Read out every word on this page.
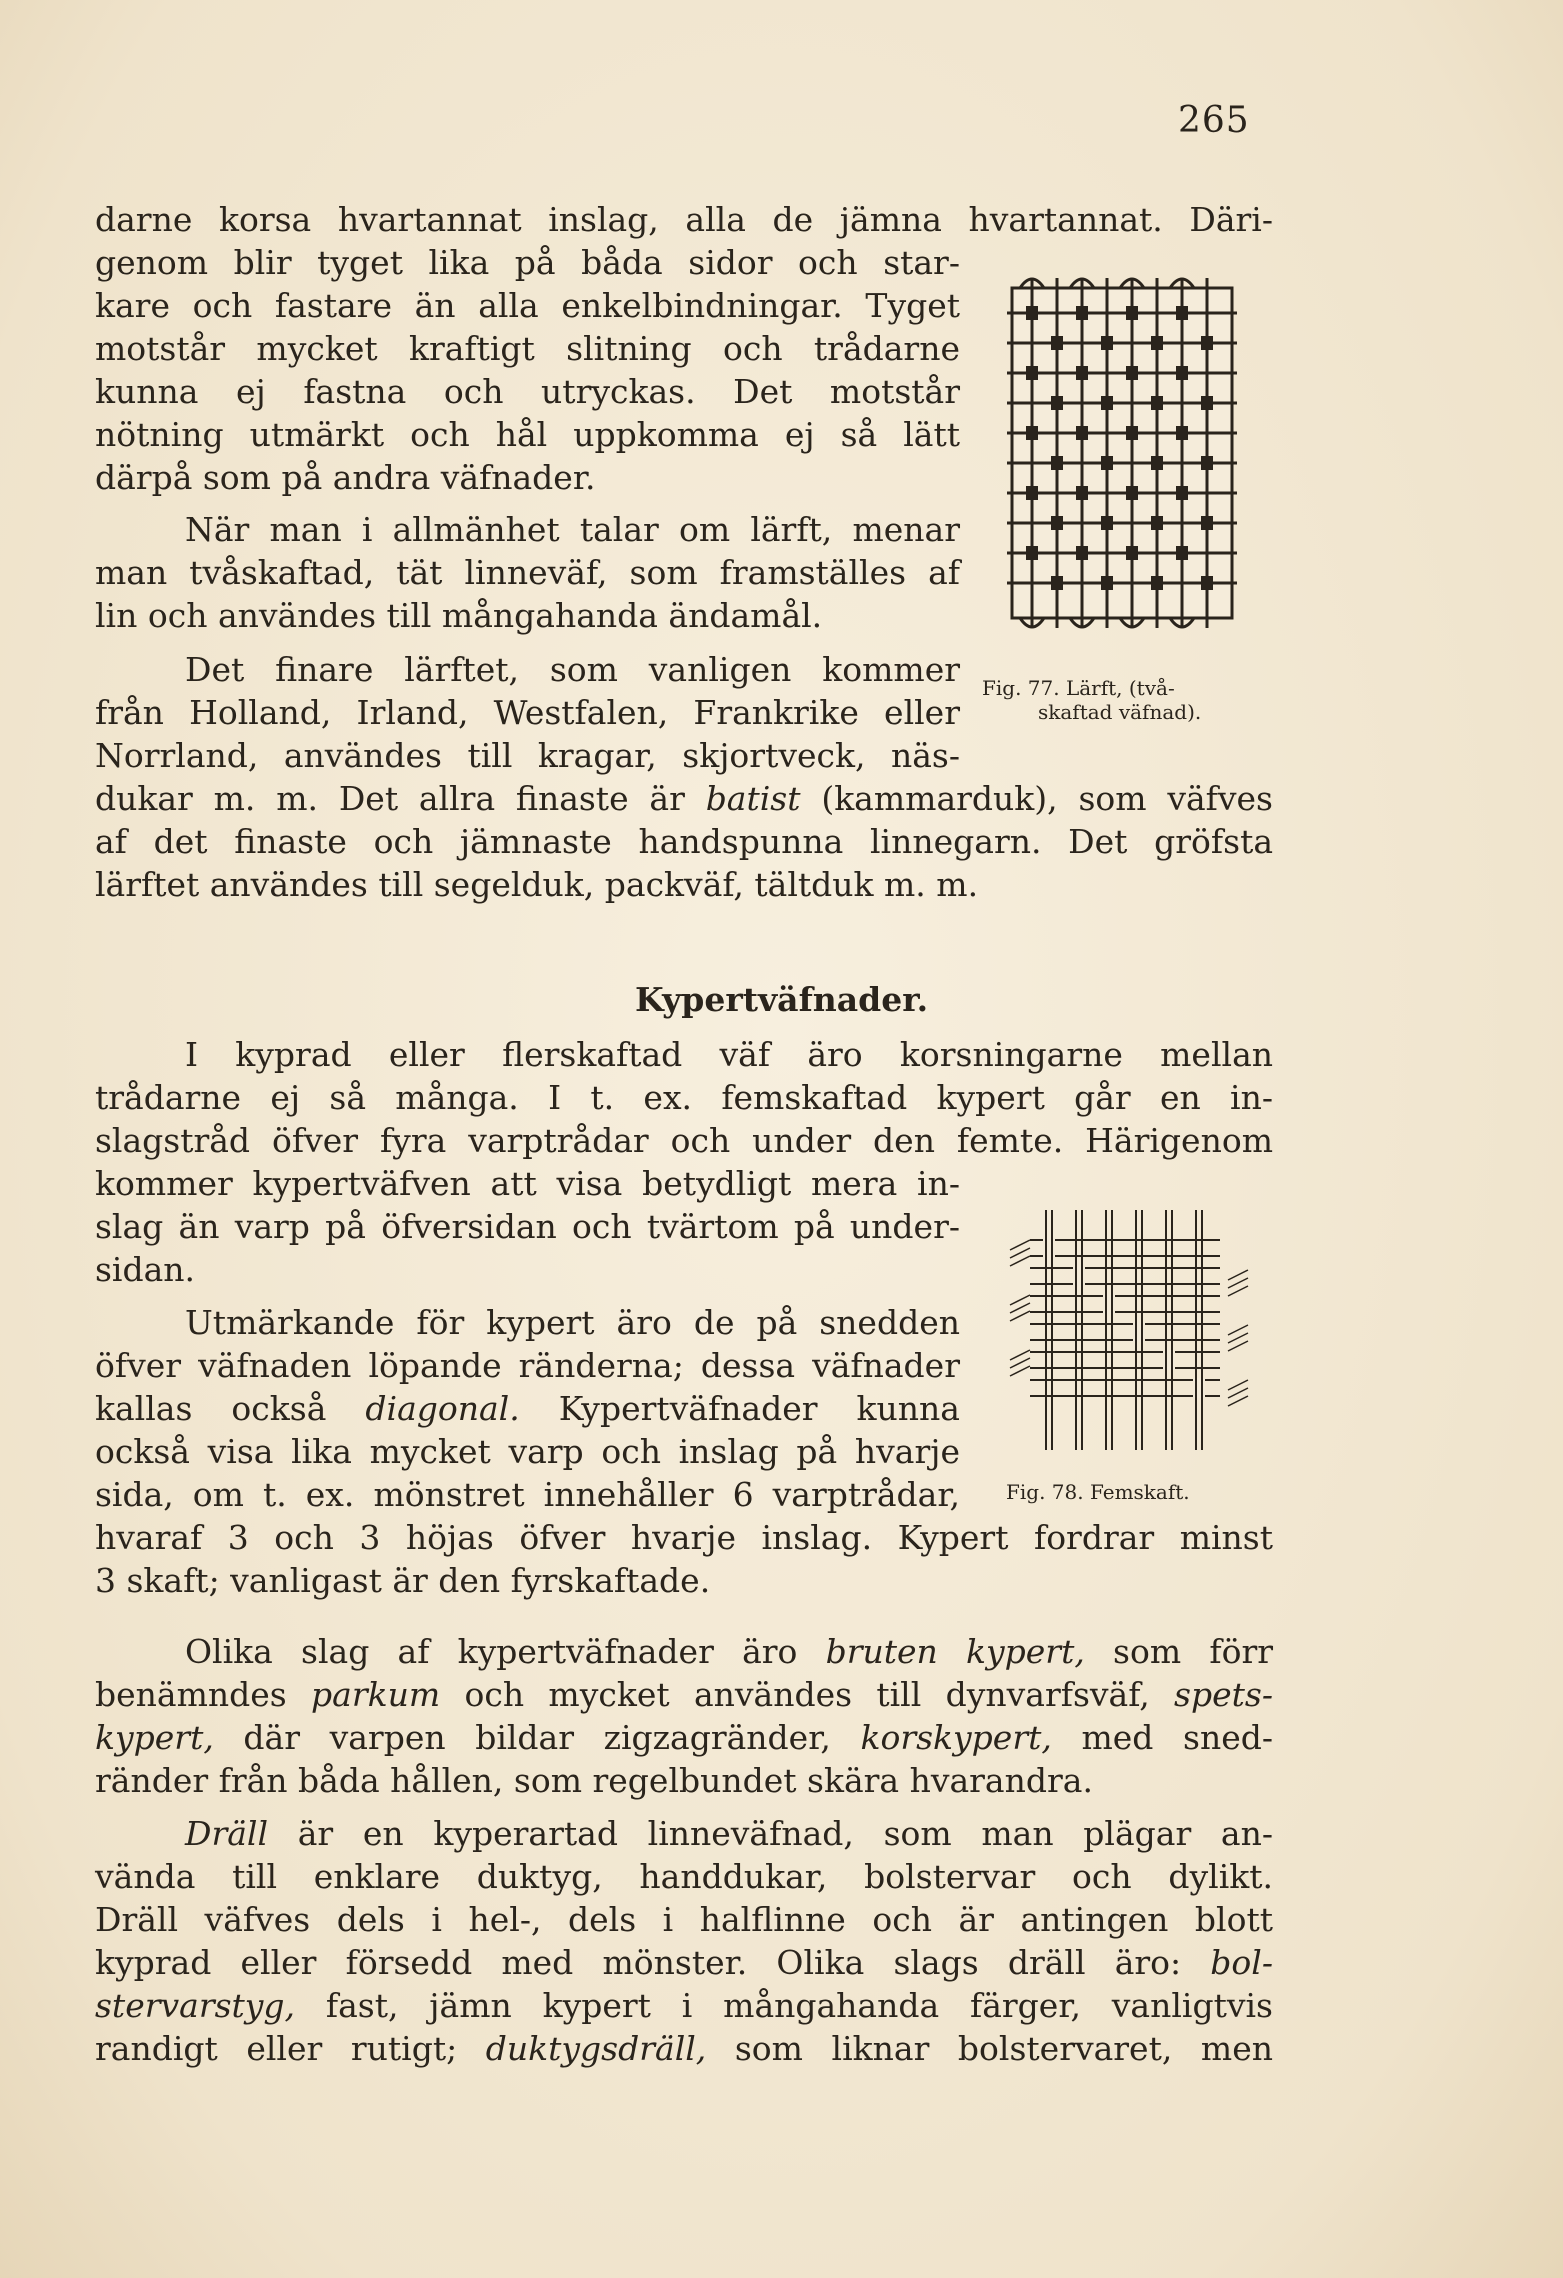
265
darne korsa hvartannat inslag, alla de jämna hvartannat. Däri-
genom blir tyget lika på båda sidor och star-
kare och fastare än alla enkelbindningar. Tyget
motstår mycket kraftigt slitning och trådarne
kunna ej fastna och utryckas. Det motstår
nötning utmärkt och hål uppkomma ej så lätt
därpå som på andra väfnader.
När man i allmänhet talar om lärft, menar
man tvåskaftad, tät linneväf, som framställes af
lin och användes till mångahanda ändamål.
Det finare lärftet, som vanligen kommer
från Holland, Irland, Westfalen, Frankrike eller
Norrland, användes till kragar, skjortveck, näs-
dukar m. m. Det allra finaste är batist (kammarduk), som väfves
af det finaste och jämnaste handspunna linnegarn. Det gröfsta
lärftet användes till segelduk, packväf, tältduk m. m.
Fig. 77. Lärft, (två-
skaftad väfnad).
Kypertväfnader.
I kyprad eller flerskaftad väf äro korsningarne mellan
trådarne ej så många. I t. ex. femskaftad kypert går en in-
slagstråd öfver fyra varptrådar och under den femte. Härigenom
kommer kypertväfven att visa betydligt mera in-
slag än varp på öfversidan och tvärtom på under-
sidan.
Utmärkande för kypert äro de på snedden
öfver väfnaden löpande ränderna; dessa väfnader
kallas också diagonal. Kypertväfnader kunna
också visa lika mycket varp och inslag på hvarje
sida, om t. ex. mönstret innehåller 6 varptrådar,
hvaraf 3 och 3 höjas öfver hvarje inslag. Kypert fordrar minst
3 skaft; vanligast är den fyrskaftade.
Fig. 78. Femskaft.
Olika slag af kypertväfnader äro bruten kypert, som förr
benämndes parkum och mycket användes till dynvarfsväf, spets-
kypert, där varpen bildar zigzagränder, korskypert, med sned-
ränder från båda hållen, som regelbundet skära hvarandra.
Dräll är en kyperartad linneväfnad, som man plägar an-
vända till enklare duktyg, handdukar, bolstervar och dylikt.
Dräll väfves dels i hel-, dels i halflinne och är antingen blott
kyprad eller försedd med mönster. Olika slags dräll äro: bol-
stervarstyg, fast, jämn kypert i mångahanda färger, vanligtvis
randigt eller rutigt; duktygsdräll, som liknar bolstervaret, men
